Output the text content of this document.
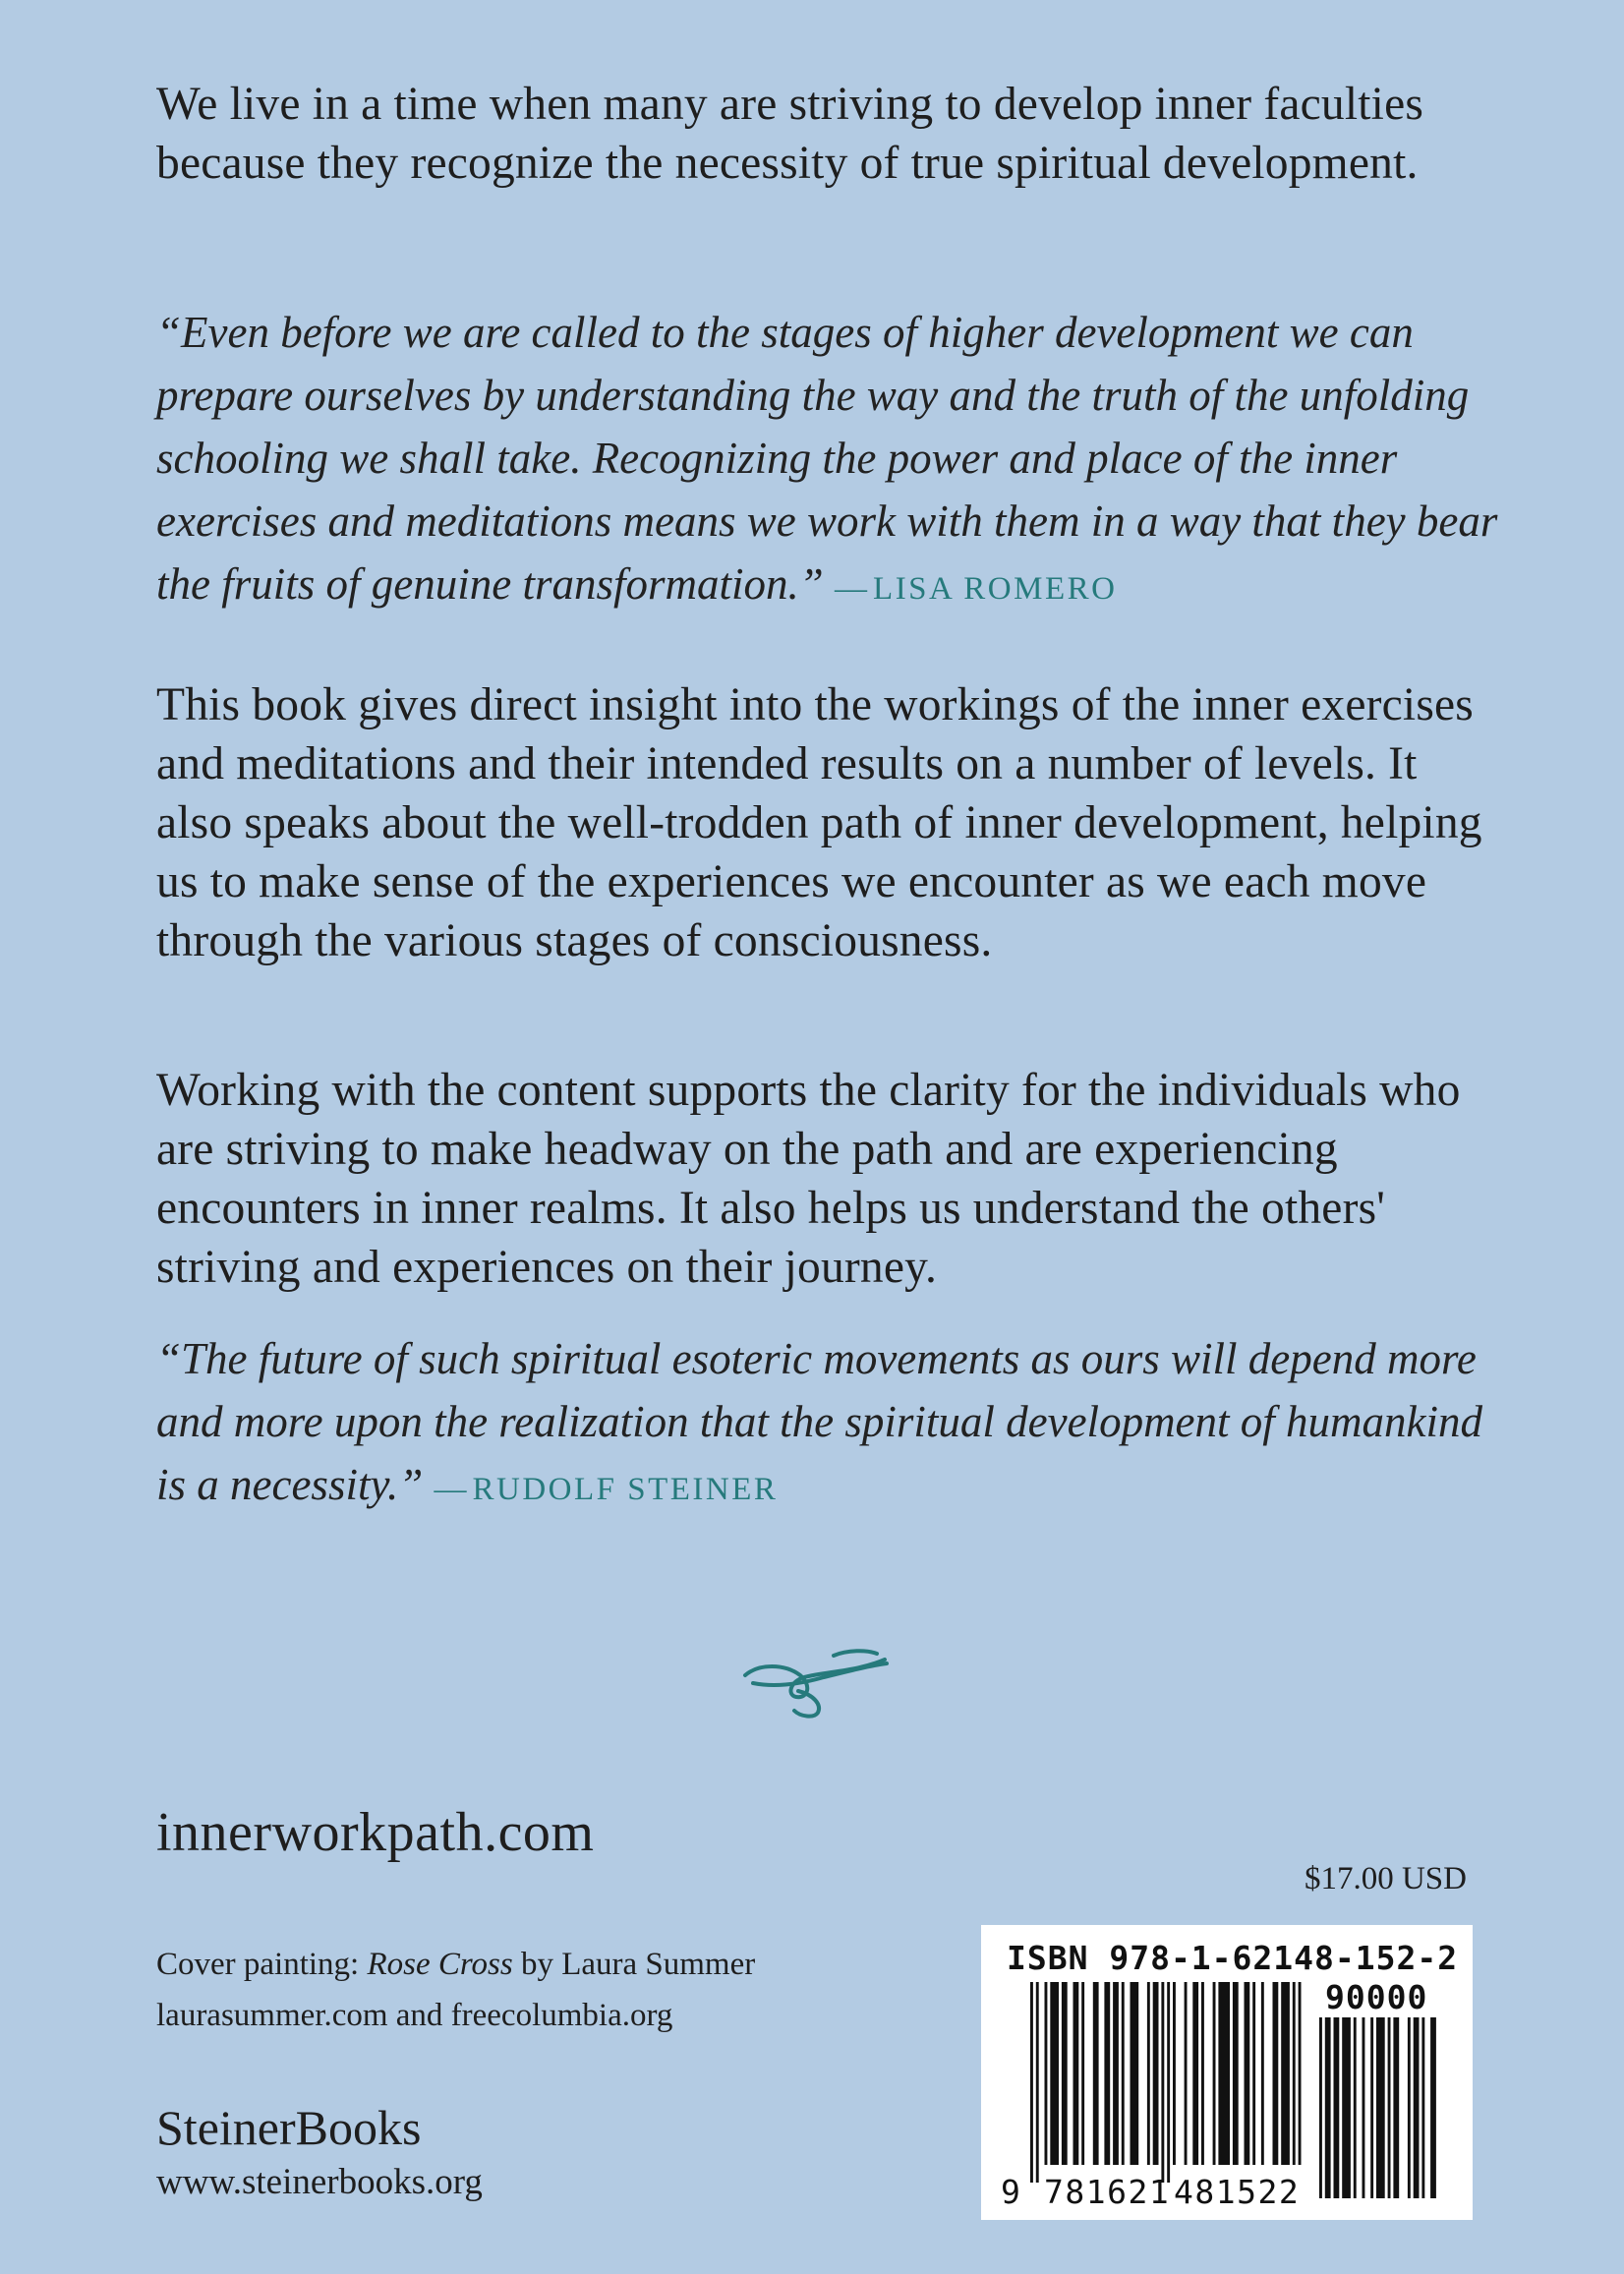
We live in a time when many are striving to develop inner faculties because they recognize the necessity of true spiritual development.

“Even before we are called to the stages of higher development we can prepare ourselves by understanding the way and the truth of the unfolding schooling we shall take. Recognizing the power and place of the inner exercises and meditations means we work with them in a way that they bear the fruits of genuine transformation.” — LISA ROMERO

This book gives direct insight into the workings of the inner exercises and meditations and their intended results on a number of levels. It also speaks about the well-trodden path of inner development, helping us to make sense of the experiences we encounter as we each move through the various stages of consciousness.

Working with the content supports the clarity for the individuals who are striving to make headway on the path and are experiencing encounters in inner realms. It also helps us understand the others' striving and experiences on their journey.

“The future of such spiritual esoteric movements as ours will depend more and more upon the realization that the spiritual development of humankind is a necessity.” — RUDOLF STEINER

innerworkpath.com
$17.00 USD
Cover painting: Rose Cross by Laura Summer
laurasummer.com and freecolumbia.org
SteinerBooks
www.steinerbooks.org
ISBN 978-1-62148-152-2
90000
9 781621 481522
